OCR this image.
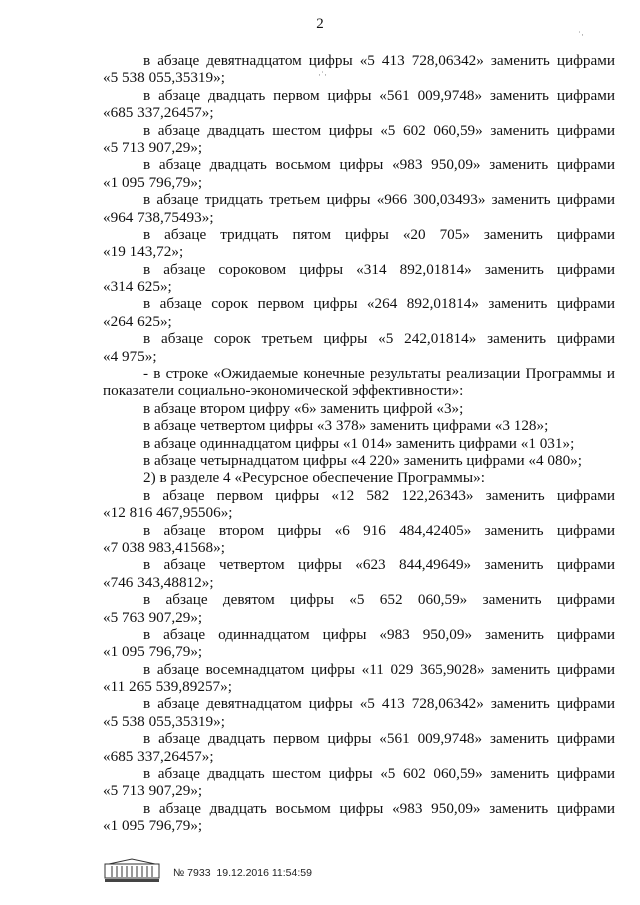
2
·˙·
˙·
в абзаце девятнадцатом цифры «5 413 728,06342» заменить цифрами
«5 538 055,35319»;
в абзаце двадцать первом цифры «561 009,9748» заменить цифрами
«685 337,26457»;
в абзаце двадцать шестом цифры «5 602 060,59» заменить цифрами
«5 713 907,29»;
в абзаце двадцать восьмом цифры «983 950,09» заменить цифрами
«1 095 796,79»;
в абзаце тридцать третьем цифры «966 300,03493» заменить цифрами
«964 738,75493»;
в абзаце тридцать пятом цифры «20 705» заменить цифрами
«19 143,72»;
в абзаце сороковом цифры «314 892,01814» заменить цифрами
«314 625»;
в абзаце сорок первом цифры «264 892,01814» заменить цифрами
«264 625»;
в абзаце сорок третьем цифры «5 242,01814» заменить цифрами
«4 975»;
- в строке «Ожидаемые конечные результаты реализации Программы и
показатели социально-экономической эффективности»:
в абзаце втором цифру «6» заменить цифрой «3»;
в абзаце четвертом цифры «3 378» заменить цифрами «3 128»;
в абзаце одиннадцатом цифры «1 014» заменить цифрами «1 031»;
в абзаце четырнадцатом цифры «4 220» заменить цифрами «4 080»;
2) в разделе 4 «Ресурсное обеспечение Программы»:
в абзаце первом цифры «12 582 122,26343» заменить цифрами
«12 816 467,95506»;
в абзаце втором цифры «6 916 484,42405» заменить цифрами
«7 038 983,41568»;
в абзаце четвертом цифры «623 844,49649» заменить цифрами
«746 343,48812»;
в абзаце девятом цифры «5 652 060,59» заменить цифрами
«5 763 907,29»;
в абзаце одиннадцатом цифры «983 950,09» заменить цифрами
«1 095 796,79»;
в абзаце восемнадцатом цифры «11 029 365,9028» заменить цифрами
«11 265 539,89257»;
в абзаце девятнадцатом цифры «5 413 728,06342» заменить цифрами
«5 538 055,35319»;
в абзаце двадцать первом цифры «561 009,9748» заменить цифрами
«685 337,26457»;
в абзаце двадцать шестом цифры «5 602 060,59» заменить цифрами
«5 713 907,29»;
в абзаце двадцать восьмом цифры «983 950,09» заменить цифрами
«1 095 796,79»;
№ 7933 19.12.2016 11:54:59
